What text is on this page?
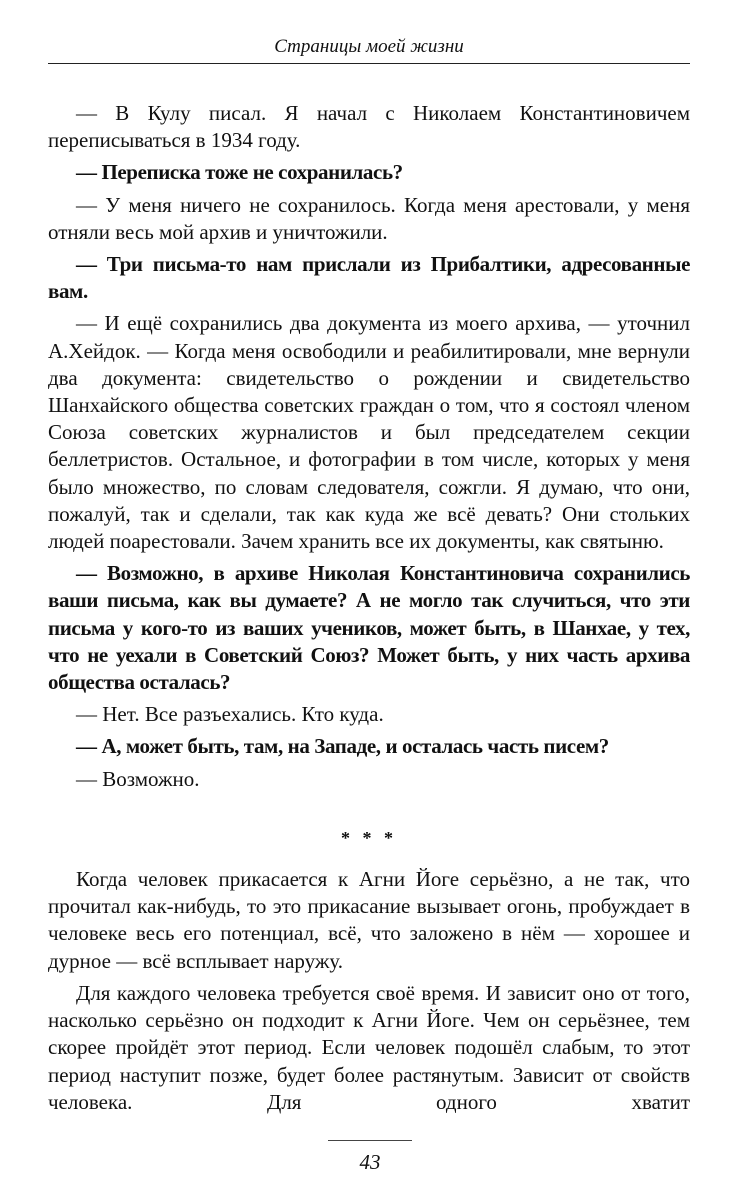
Страницы моей жизни

— В Кулу писал. Я начал с Николаем Константиновичем переписываться в 1934 году.

— Переписка тоже не сохранилась?

— У меня ничего не сохранилось. Когда меня арестовали, у меня отняли весь мой архив и уничтожили.

— Три письма-то нам прислали из Прибалтики, адресованные вам.

— И ещё сохранились два документа из моего архива, — уточнил А.Хейдок. — Когда меня освободили и реабилитировали, мне вернули два документа: свидетельство о рождении и свидетельство Шанхайского общества советских граждан о том, что я состоял членом Союза советских журналистов и был председателем секции беллетристов. Остальное, и фотографии в том числе, которых у меня было множество, по словам следователя, сожгли. Я думаю, что они, пожалуй, так и сделали, так как куда же всё девать? Они стольких людей поарестовали. Зачем хранить все их документы, как святыню.

— Возможно, в архиве Николая Константиновича сохранились ваши письма, как вы думаете? А не могло так случиться, что эти письма у кого-то из ваших учеников, может быть, в Шанхае, у тех, что не уехали в Советский Союз? Может быть, у них часть архива общества осталась?

— Нет. Все разъехались. Кто куда.

— А, может быть, там, на Западе, и осталась часть писем?

— Возможно.

* * *

Когда человек прикасается к Агни Йоге серьёзно, а не так, что прочитал как-нибудь, то это прикасание вызывает огонь, пробуждает в человеке весь его потенциал, всё, что заложено в нём — хорошее и дурное — всё всплывает наружу.

Для каждого человека требуется своё время. И зависит оно от того, насколько серьёзно он подходит к Агни Йоге. Чем он серьёзнее, тем скорее пройдёт этот период. Если человек подошёл слабым, то этот период наступит позже, будет более растянутым. Зависит от свойств человека. Для одного хватит

43
